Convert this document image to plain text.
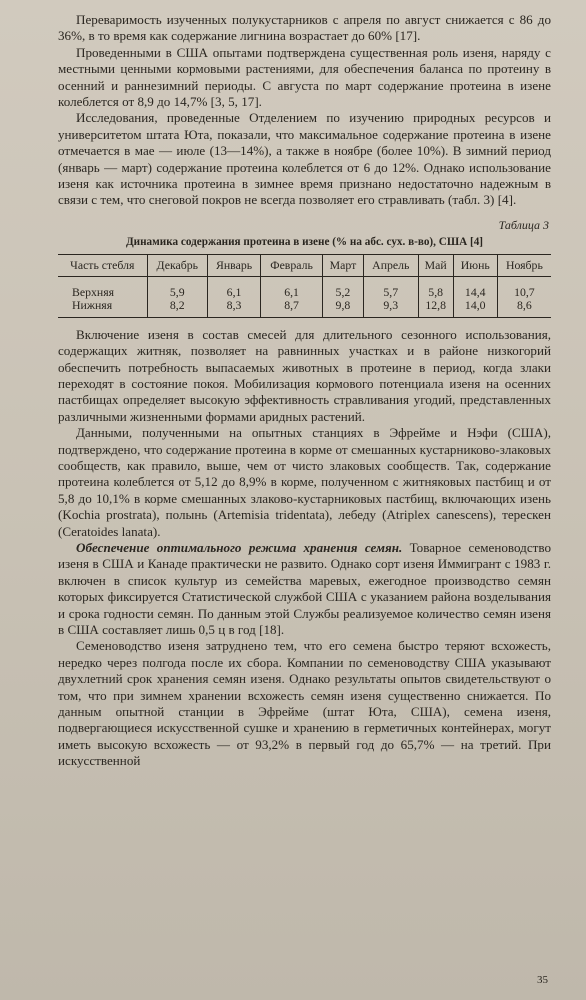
Переваримость изученных полукустарников с апреля по август снижается с 86 до 36%, в то время как содержание лигнина возрастает до 60% [17].

Проведенными в США опытами подтверждена существенная роль изеня, наряду с местными ценными кормовыми растениями, для обеспечения баланса по протеину в осенний и раннезимний периоды. С августа по март содержание протеина в изене колеблется от 8,9 до 14,7% [3, 5, 17].

Исследования, проведенные Отделением по изучению природных ресурсов и университетом штата Юта, показали, что максимальное содержание протеина в изене отмечается в мае — июле (13—14%), а также в ноябре (более 10%). В зимний период (январь — март) содержание протеина колеблется от 6 до 12%. Однако использование изеня как источника протеина в зимнее время признано недостаточно надежным в связи с тем, что снеговой покров не всегда позволяет его стравливать (табл. 3) [4].

Таблица 3
Динамика содержания протеина в изене (% на абс. сух. в-во), США [4]
Часть стебля	Декабрь	Январь	Февраль	Март	Апрель	Май	Июнь	Ноябрь
Верхняя	5,9	6,1	6,1	5,2	5,7	5,8	14,4	10,7
Нижняя	8,2	8,3	8,7	9,8	9,3	12,8	14,0	8,6

Включение изеня в состав смесей для длительного сезонного использования, содержащих житняк, позволяет на равнинных участках и в районе низкогорий обеспечить потребность выпасаемых животных в протеине в период, когда злаки переходят в состояние покоя. Мобилизация кормового потенциала изеня на осенних пастбищах определяет высокую эффективность стравливания угодий, представленных различными жизненными формами аридных растений.

Данными, полученными на опытных станциях в Эфрейме и Нэфи (США), подтверждено, что содержание протеина в корме от смешанных кустарниково-злаковых сообществ, как правило, выше, чем от чисто злаковых сообществ. Так, содержание протеина колеблется от 5,12 до 8,9% в корме, полученном с житняковых пастбищ и от 5,8 до 10,1% в корме смешанных злаково-кустарниковых пастбищ, включающих изень (Kochia prostrata), полынь (Artemisia tridentata), лебеду (Atriplex canescens), терескен (Ceratoides lanata).

Обеспечение оптимального режима хранения семян. Товарное семеноводство изеня в США и Канаде практически не развито. Однако сорт изеня Иммигрант с 1983 г. включен в список культур из семейства маревых, ежегодное производство семян которых фиксируется Статистической службой США с указанием района возделывания и срока годности семян. По данным этой Службы реализуемое количество семян изеня в США составляет лишь 0,5 ц в год [18].

Семеноводство изеня затруднено тем, что его семена быстро теряют всхожесть, нередко через полгода после их сбора. Компании по семеноводству США указывают двухлетний срок хранения семян изеня. Однако результаты опытов свидетельствуют о том, что при зимнем хранении всхожесть семян изеня существенно снижается. По данным опытной станции в Эфрейме (штат Юта, США), семена изеня, подвергающиеся искусственной сушке и хранению в герметичных контейнерах, могут иметь высокую всхожесть — от 93,2% в первый год до 65,7% — на третий. При искусственной

35
